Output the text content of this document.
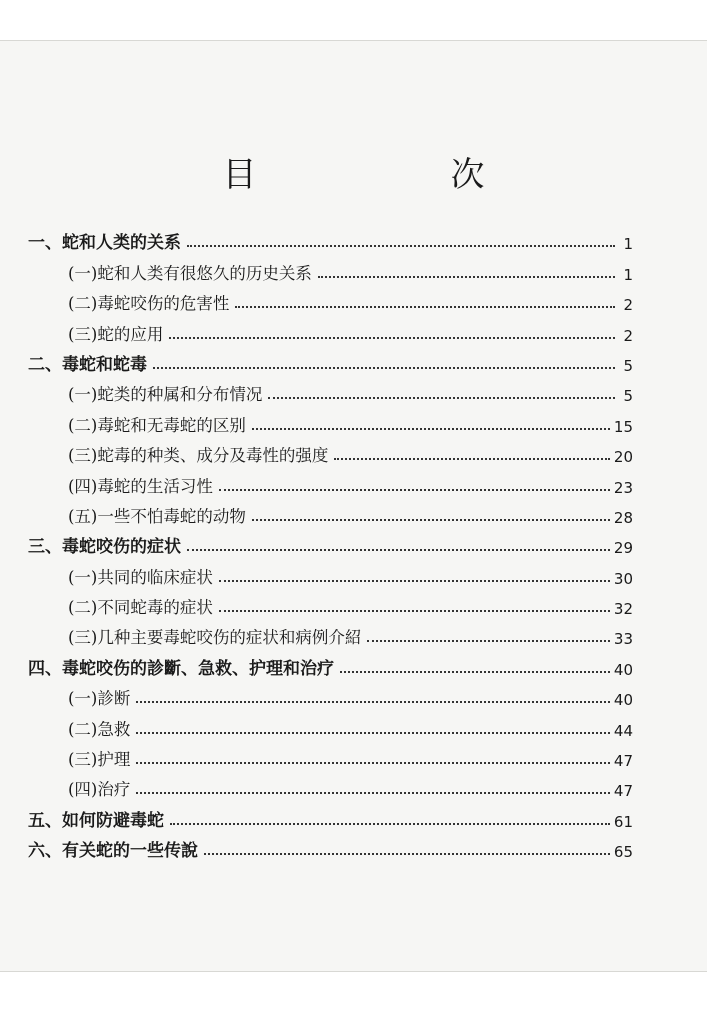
目　次
一、蛇和人类的关系	1
(一)蛇和人类有很悠久的历史关系	1
(二)毒蛇咬伤的危害性	2
(三)蛇的应用	2
二、毒蛇和蛇毒	5
(一)蛇类的种属和分布情况	5
(二)毒蛇和无毒蛇的区别	15
(三)蛇毒的种类、成分及毒性的强度	20
(四)毒蛇的生活习性	23
(五)一些不怕毒蛇的动物	28
三、毒蛇咬伤的症状	29
(一)共同的临床症状	30
(二)不同蛇毒的症状	32
(三)几种主要毒蛇咬伤的症状和病例介紹	33
四、毒蛇咬伤的診斷、急救、护理和治疗	40
(一)診断	40
(二)急救	44
(三)护理	47
(四)治疗	47
五、如何防避毒蛇	61
六、有关蛇的一些传說	65
